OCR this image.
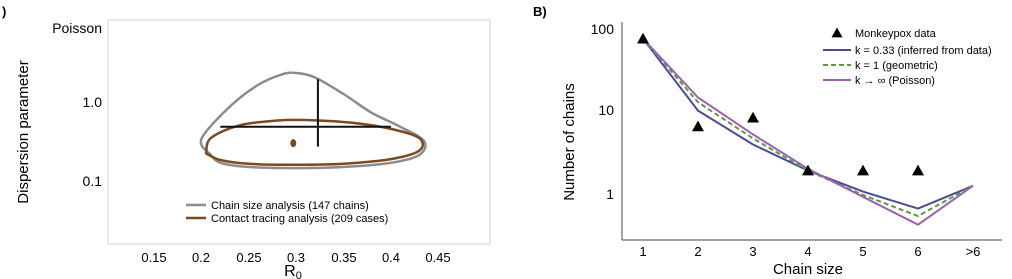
)
Dispersion parameter	0.1
1.0
Poisson
0.15 0.2 0.25 0.3 0.35 0.4 0.45
R0
Chain size analysis (147 chains)
Contact tracing analysis (209 cases)
B)
Number of chains 1
10
100
1	2	3	4	5	6	>6
Chain size
Monkeypox data
k = 0.33 (inferred from data)
k = 1 (geometric)
k → ∞ (Poisson)
